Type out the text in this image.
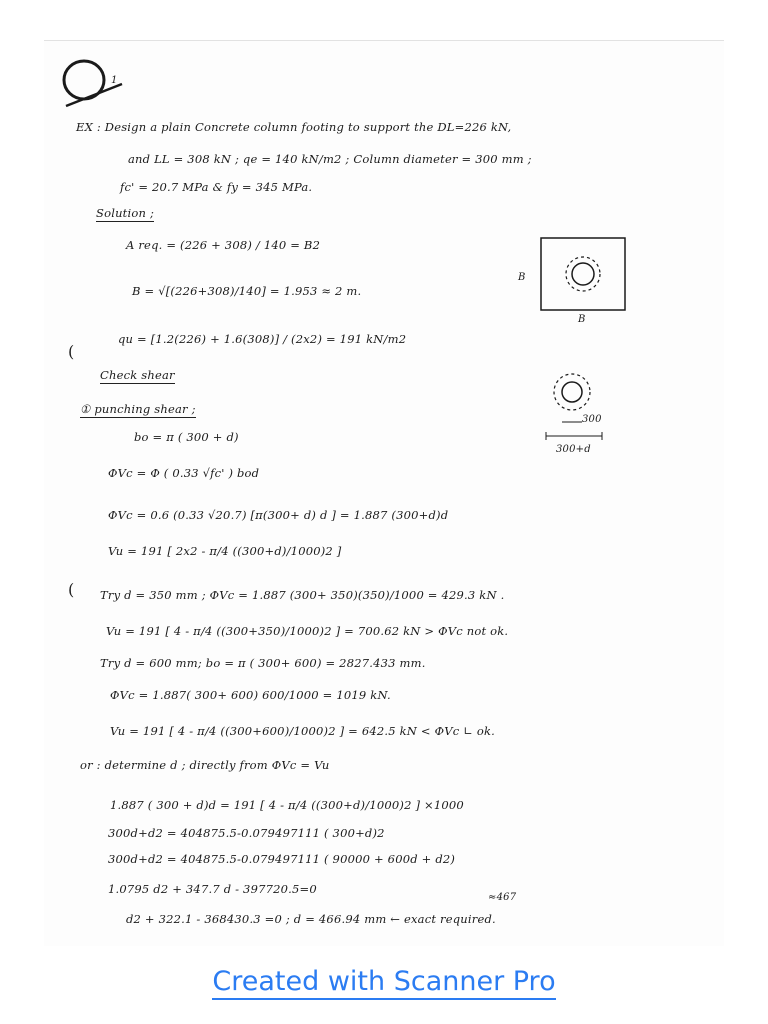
1
EX : Design a plain Concrete column footing to support the DL=226 kN,
and LL = 308 kN ; qe = 140 kN/m2 ; Column diameter = 300 mm ;
fc' = 20.7 MPa & fy = 345 MPa.
Solution ;
A req. = (226 + 308) / 140 = B2
B = √[(226+308)/140] = 1.953 ≈ 2 m.
qu = [1.2(226) + 1.6(308)] / (2x2) = 191 kN/m2
(
Check shear
① punching shear ;
bo = π ( 300 + d)
ΦVc = Φ ( 0.33 √fc' ) bod
ΦVc = 0.6 (0.33 √20.7) [π(300+ d) d ] = 1.887 (300+d)d
Vu = 191 [ 2x2 - π/4 ((300+d)/1000)2 ]
( Try d = 350 mm ; ΦVc = 1.887 (300+ 350)(350)/1000 = 429.3 kN .
Vu = 191 [ 4 - π/4 ((300+350)/1000)2 ] = 700.62 kN > ΦVc not ok.
Try d = 600 mm; bo = π ( 300+ 600) = 2827.433 mm.
ΦVc = 1.887( 300+ 600) 600/1000 = 1019 kN.
Vu = 191 [ 4 - π/4 ((300+600)/1000)2 ] = 642.5 kN < ΦVc ∟ ok.
or : determine d ; directly from ΦVc = Vu
1.887 ( 300 + d)d = 191 [ 4 - π/4 ((300+d)/1000)2 ] ×1000
300d+d2 = 404875.5-0.079497111 ( 300+d)2
300d+d2 = 404875.5-0.079497111 ( 90000 + 600d + d2)
1.0795 d2 + 347.7 d - 397720.5=0
≈467
d2 + 322.1 - 368430.3 =0 ; d = 466.94 mm ← exact required.
B
B
300
300+d
Created with Scanner Pro
